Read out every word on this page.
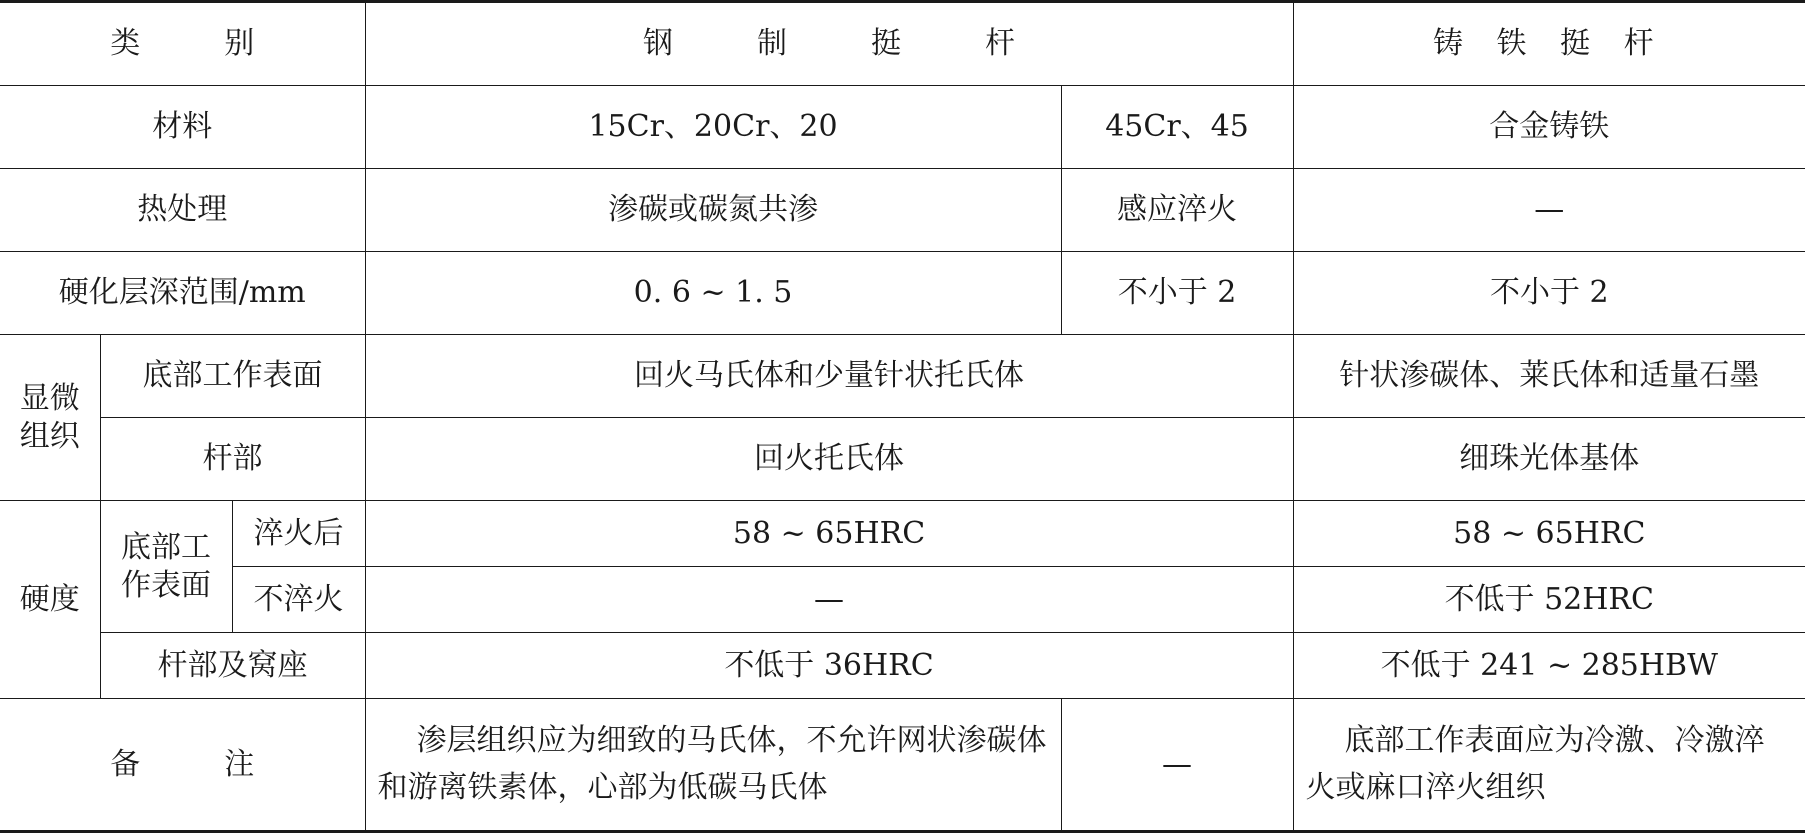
类　别			钢　制　挺　杆		铸 铁 挺 杆
材料			15Cr、20Cr、20	45Cr、45	合金铸铁
热处理			渗碳或碳氮共渗	感应淬火	—
硬化层深范围/mm			0. 6 ~ 1. 5	不小于 2	不小于 2
显微组织	底部工作表面		回火马氏体和少量针状托氏体		针状渗碳体、莱氏体和适量石墨
	杆部		回火托氏体		细珠光体基体
硬度	底部工作表面	淬火后	58 ~ 65HRC		58 ~ 65HRC
		不淬火	—		不低于 52HRC
	杆部及窝座		不低于 36HRC		不低于 241 ~ 285HBW
备　注			渗层组织应为细致的马氏体，不允许网状渗碳体和游离铁素体，心部为低碳马氏体	—	底部工作表面应为冷激、冷激淬火或麻口淬火组织
